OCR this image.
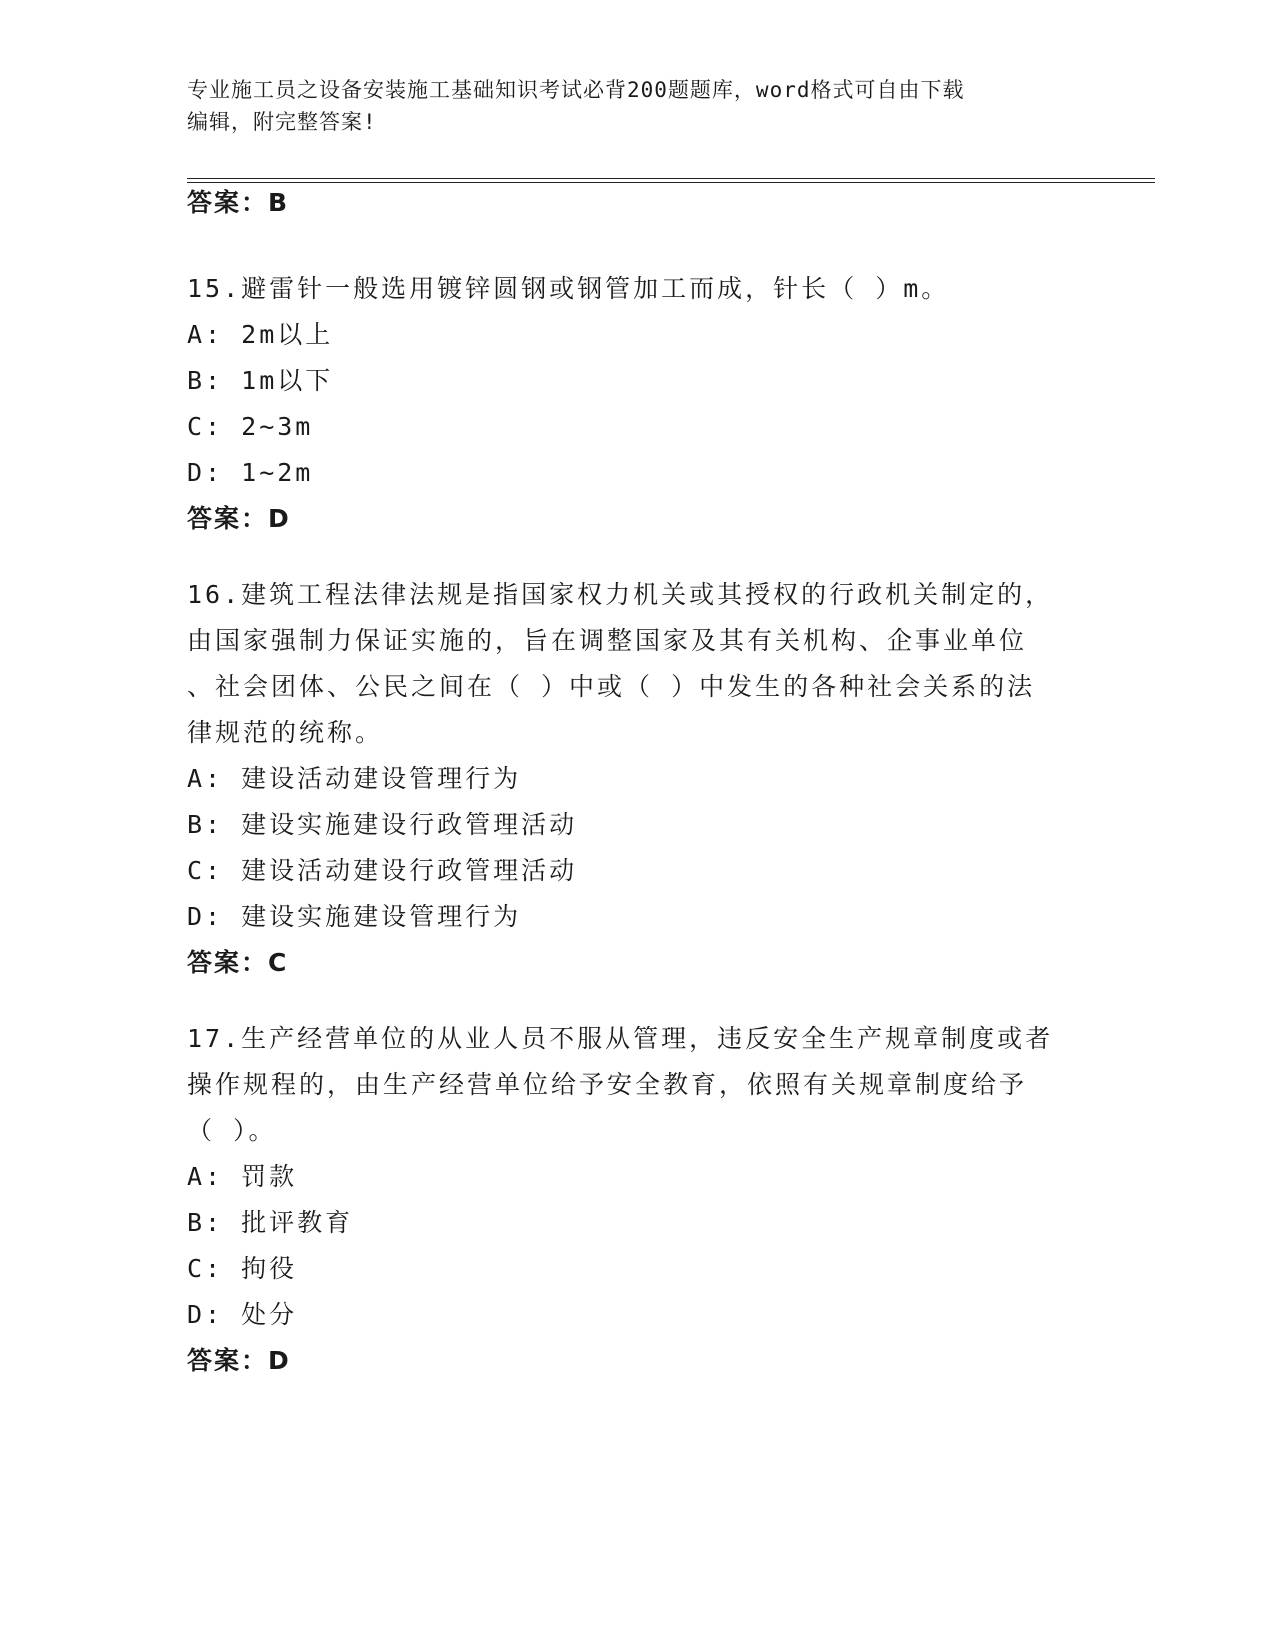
专业施工员之设备安装施工基础知识考试必背200题题库，word格式可自由下载
编辑，附完整答案!
答案：B
15.避雷针一般选用镀锌圆钢或钢管加工而成，针长（ ）m。
A: 2m以上
B: 1m以下
C: 2~3m
D: 1~2m
答案：D
16.建筑工程法律法规是指国家权力机关或其授权的行政机关制定的，
由国家强制力保证实施的，旨在调整国家及其有关机构、企事业单位
、社会团体、公民之间在（ ）中或（ ）中发生的各种社会关系的法
律规范的统称。
A: 建设活动建设管理行为
B: 建设实施建设行政管理活动
C: 建设活动建设行政管理活动
D: 建设实施建设管理行为
答案：C
17.生产经营单位的从业人员不服从管理，违反安全生产规章制度或者
操作规程的，由生产经营单位给予安全教育，依照有关规章制度给予
（ ）。
A: 罚款
B: 批评教育
C: 拘役
D: 处分
答案：D
